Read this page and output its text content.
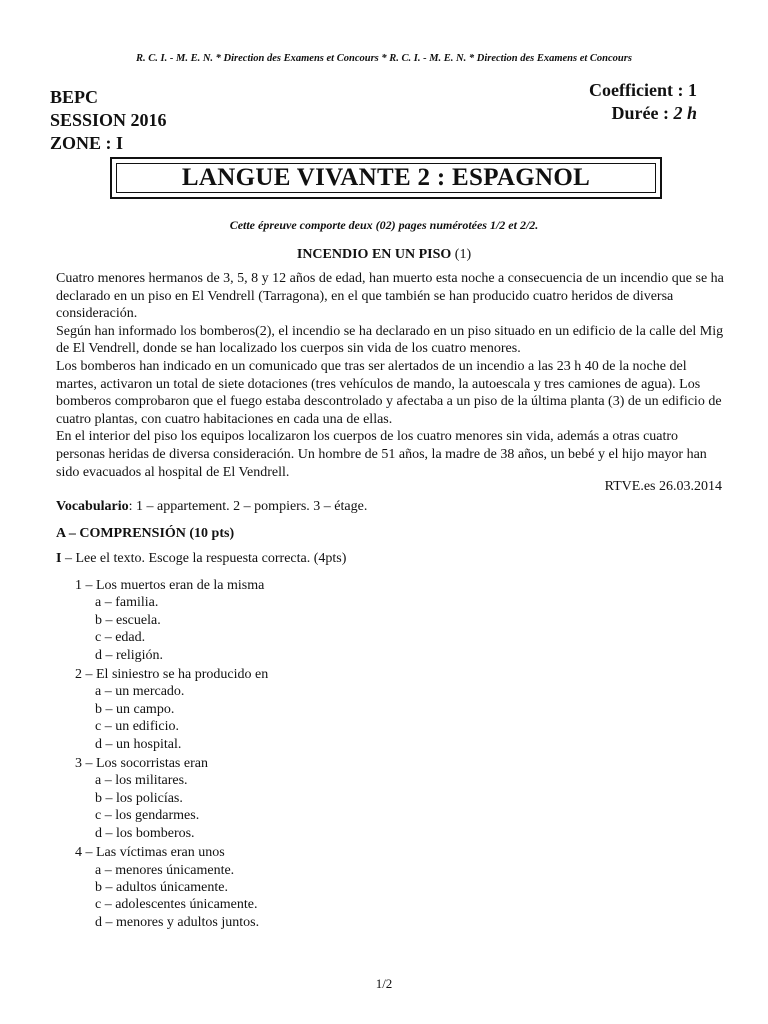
R. C. I. - M. E. N. * Direction des Examens et Concours * R. C. I. - M. E. N. * Direction des Examens et Concours
BEPC
SESSION 2016
ZONE : I
Coefficient : 1
Durée : 2 h
LANGUE VIVANTE 2 : ESPAGNOL
Cette épreuve comporte deux (02) pages numérotées 1/2 et 2/2.
INCENDIO EN UN PISO (1)

Cuatro menores hermanos de 3, 5, 8 y 12 años de edad, han muerto esta noche a consecuencia de un incendio que se ha declarado en un piso en El Vendrell (Tarragona), en el que también se han producido cuatro heridos de diversa consideración.

Según han informado los bomberos(2), el incendio se ha declarado en un piso situado en un edificio de la calle del Mig de El Vendrell, donde se han localizado los cuerpos sin vida de los cuatro menores.

Los bomberos han indicado en un comunicado que tras ser alertados de un incendio a las 23 h 40 de la noche del martes, activaron un total de siete dotaciones (tres vehículos de mando, la autoescala y tres camiones de agua). Los bomberos comprobaron que el fuego estaba descontrolado y afectaba a un piso de la última planta (3) de un edificio de cuatro plantas, con cuatro habitaciones en cada una de ellas.

En el interior del piso los equipos localizaron los cuerpos de los cuatro menores sin vida, además a otras cuatro personas heridas de diversa consideración. Un hombre de 51 años, la madre de 38 años, un bebé y el hijo mayor han sido evacuados al hospital de El Vendrell.

RTVE.es 26.03.2014
Vocabulario: 1 – appartement. 2 – pompiers. 3 – étage.
A – COMPRENSIÓN (10 pts)
I – Lee el texto. Escoge la respuesta correcta. (4pts)
1 – Los muertos eran de la misma
a – familia.
b – escuela.
c – edad.
d – religión.
2 – El siniestro se ha producido en
a – un mercado.
b – un campo.
c – un edificio.
d – un hospital.
3 – Los socorristas eran
a – los militares.
b – los policías.
c – los gendarmes.
d – los bomberos.
4 – Las víctimas eran unos
a – menores únicamente.
b – adultos únicamente.
c – adolescentes únicamente.
d – menores y adultos juntos.
1/2
